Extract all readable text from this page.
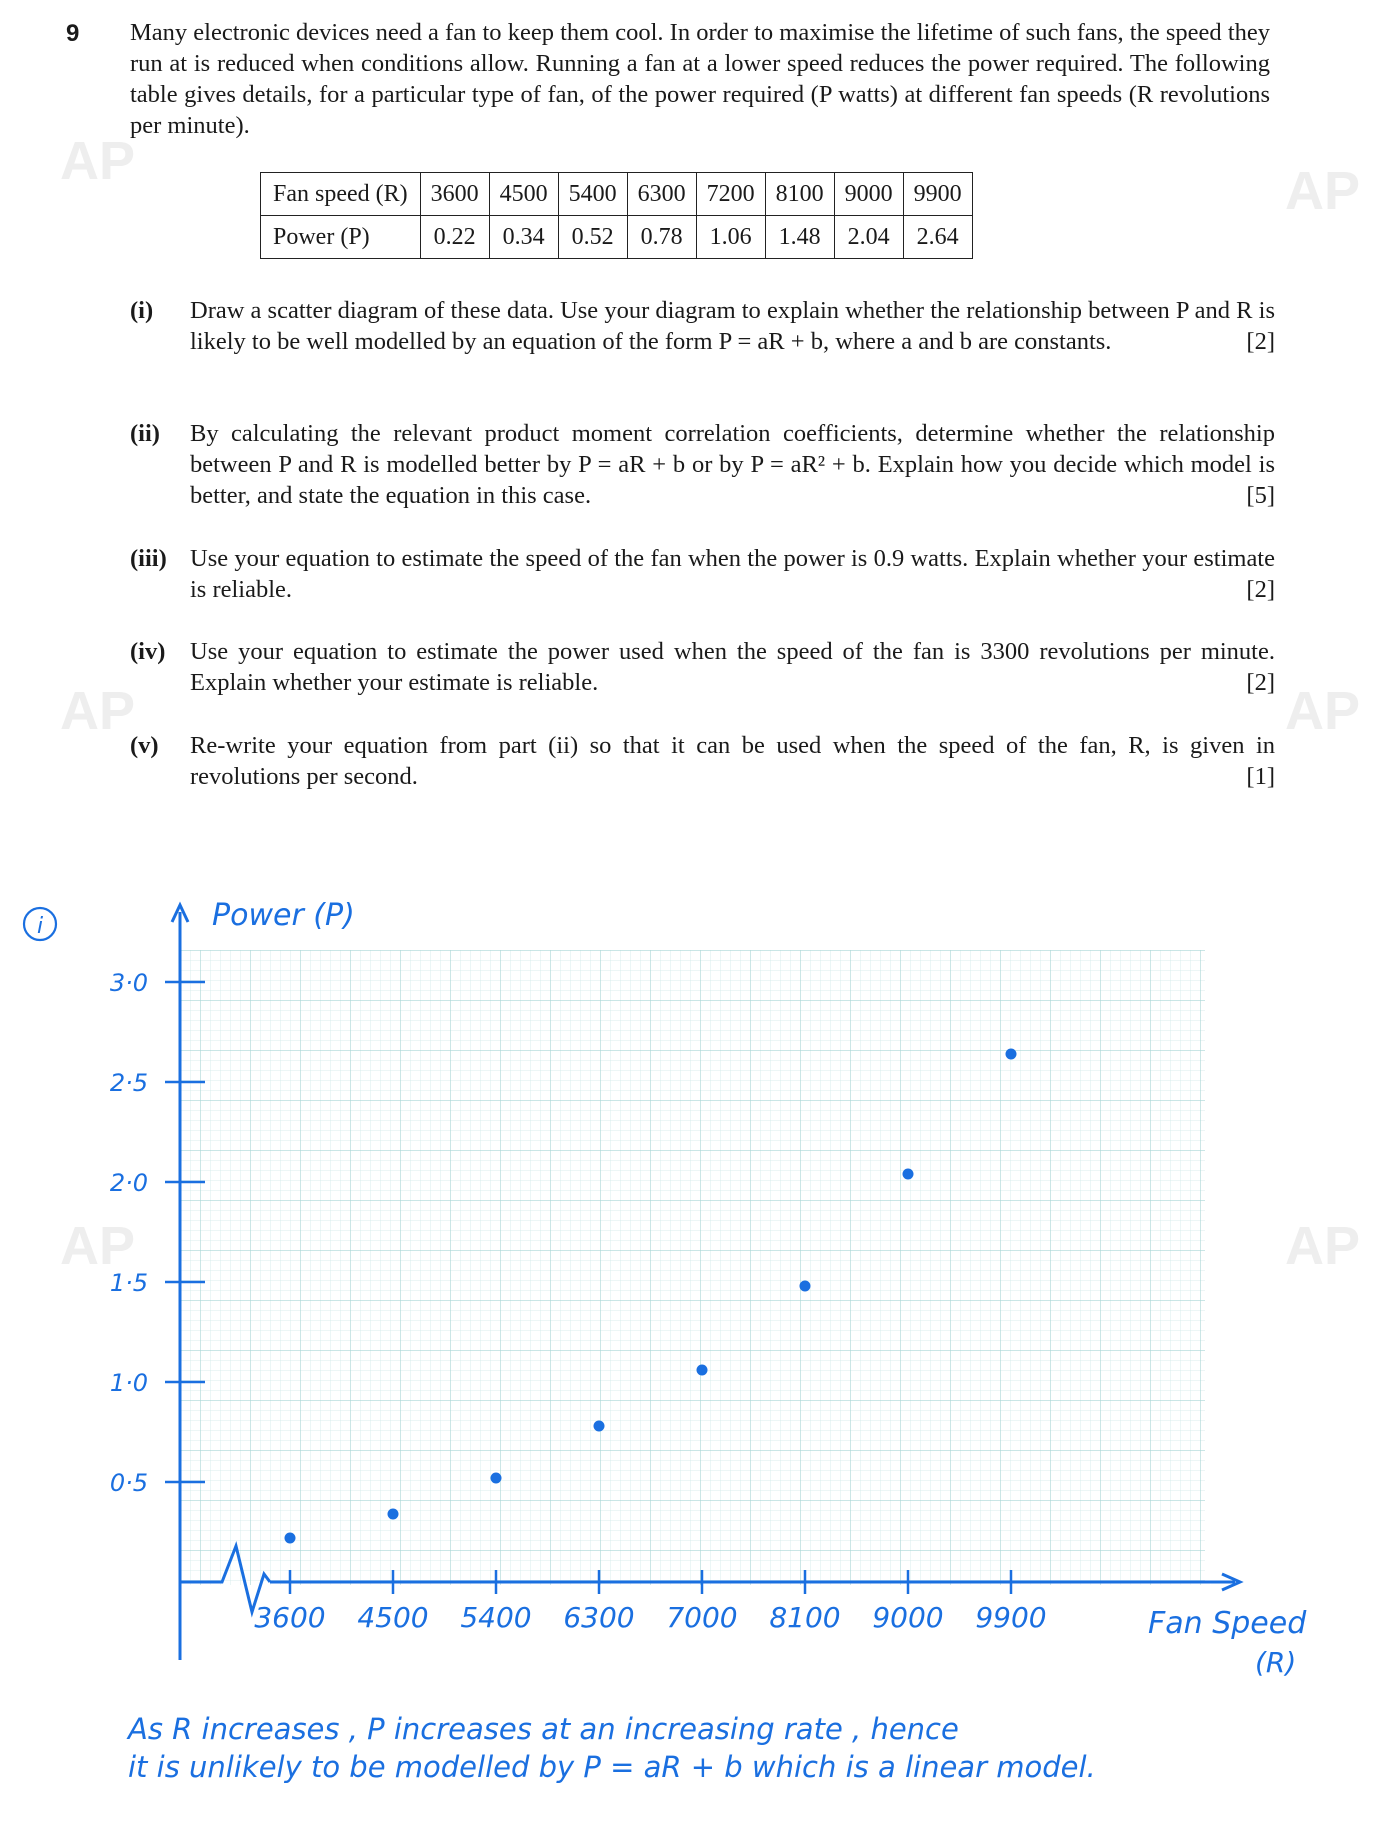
AP	AP
AP	AP
AP	AP
9 Many electronic devices need a fan to keep them cool. In order to maximise the lifetime of such fans, the speed they run at is reduced when conditions allow. Running a fan at a lower speed reduces the power required. The following table gives details, for a particular type of fan, of the power required (P watts) at different fan speeds (R revolutions per minute).
Fan speed (R)	3600	4500	5400	6300	7200	8100	9000	9900
Power (P)	0.22	0.34	0.52	0.78	1.06	1.48	2.04	2.64
(i) Draw a scatter diagram of these data. Use your diagram to explain whether the relationship between P and R is likely to be well modelled by an equation of the form P = aR + b, where a and b are constants.	[2]
(ii) By calculating the relevant product moment correlation coefficients, determine whether the relationship between P and R is modelled better by P = aR + b or by P = aR² + b. Explain how you decide which model is better, and state the equation in this case.	[5]
(iii) Use your equation to estimate the speed of the fan when the power is 0.9 watts. Explain whether your estimate is reliable.	[2]
(iv) Use your equation to estimate the power used when the speed of the fan is 3300 revolutions per minute. Explain whether your estimate is reliable.	[2]
(v) Re-write your equation from part (ii) so that it can be used when the speed of the fan, R, is given in revolutions per second.	[1]
3600 4500 5400 6300 7000 8100 9000 9900
0·5
1·0
1·5
2·0
2·5
3·0
i	Power (P)
Fan Speed
(R)
As R increases , P increases at an increasing rate , hence
it is unlikely to be modelled by P = aR + b which is a linear model.
